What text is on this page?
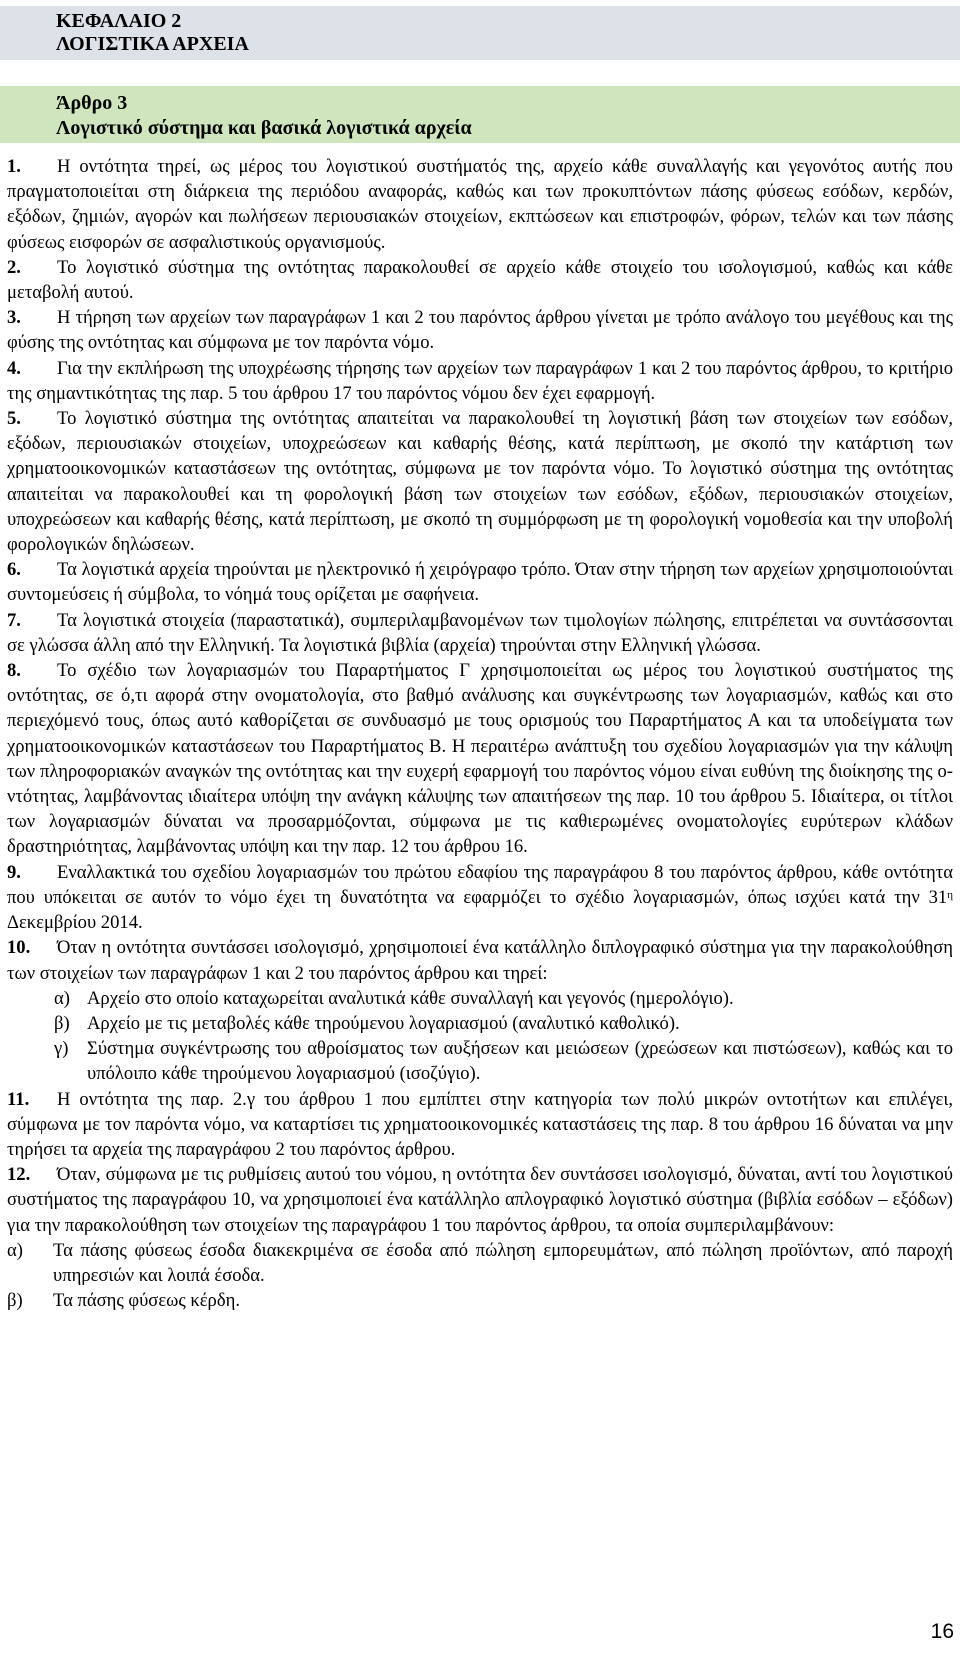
ΚΕΦΑΛΑΙΟ 2
ΛΟΓΙΣΤΙΚΑ ΑΡΧΕΙΑ
Άρθρο 3
Λογιστικό σύστημα και βασικά λογιστικά αρχεία

1. Η οντότητα τηρεί, ως μέρος του λογιστικού συστήματός της, αρχείο κάθε συναλλαγής και γεγονότος αυτής που πραγματοποιείται στη διάρκεια της περιόδου αναφοράς, καθώς και των προκυπτόντων πάσης φύσεως εσόδων, κερδών, εξόδων, ζημιών, αγορών και πωλήσεων περιουσιακών στοιχείων, εκπτώσεων και επιστροφών, φόρων, τελών και των πάσης φύσεως εισφορών σε ασφαλιστικούς οργανισμούς.

2. Το λογιστικό σύστημα της οντότητας παρακολουθεί σε αρχείο κάθε στοιχείο του ισολογισμού, καθώς και κάθε μεταβολή αυτού.

3. Η τήρηση των αρχείων των παραγράφων 1 και 2 του παρόντος άρθρου γίνεται με τρόπο ανάλογο του μεγέθους και της φύσης της οντότητας και σύμφωνα με τον παρόντα νόμο.

4. Για την εκπλήρωση της υποχρέωσης τήρησης των αρχείων των παραγράφων 1 και 2 του παρόντος άρθρου, το κριτήριο της σημαντικότητας της παρ. 5 του άρθρου 17 του παρόντος νόμου δεν έχει εφαρμογή.

5. Το λογιστικό σύστημα της οντότητας απαιτείται να παρακολουθεί τη λογιστική βάση των στοιχείων των εσόδων, εξόδων, περιουσιακών στοιχείων, υποχρεώσεων και καθαρής θέσης, κατά περίπτωση, με σκοπό την κατάρτιση των χρηματοοικονομικών καταστάσεων της οντότητας, σύμφωνα με τον παρόντα νόμο. Το λογιστικό σύστημα της οντότητας απαιτείται να παρακολουθεί και τη φορολογική βάση των στοιχείων των εσόδων, εξόδων, περιουσιακών στοιχείων, υποχρεώσεων και καθαρής θέσης, κατά περίπτωση, με σκοπό τη συμμόρφωση με τη φορολογική νομοθεσία και την υποβολή φορολογικών δηλώσεων.

6. Τα λογιστικά αρχεία τηρούνται με ηλεκτρονικό ή χειρόγραφο τρόπο. Όταν στην τήρηση των αρχείων χρησιμοποιούνται συντομεύσεις ή σύμβολα, το νόημά τους ορίζεται με σαφήνεια.

7. Τα λογιστικά στοιχεία (παραστατικά), συμπεριλαμβανομένων των τιμολογίων πώλησης, επιτρέπεται να συντάσσονται σε γλώσσα άλλη από την Ελληνική. Τα λογιστικά βιβλία (αρχεία) τηρούνται στην Ελληνική γλώσσα.

8. Το σχέδιο των λογαριασμών του Παραρτήματος Γ χρησιμοποιείται ως μέρος του λογιστικού συστήματος της οντότητας, σε ό,τι αφορά στην ονοματολογία, στο βαθμό ανάλυσης και συγκέντρωσης των λογαριασμών, καθώς και στο περιεχόμενό τους, όπως αυτό καθορίζεται σε συνδυασμό με τους ορισμούς του Παραρτήματος Α και τα υποδείγματα των χρηματοοικονομικών καταστάσεων του Παραρτήματος Β. Η περαιτέρω ανάπτυξη του σχεδίου λογαριασμών για την κάλυψη των πληροφοριακών αναγκών της οντότητας και την ευχερή εφαρμογή του παρόντος νόμου είναι ευθύνη της διοίκησης της οντότητας, λαμβάνοντας ιδιαίτερα υπόψη την ανάγκη κάλυψης των απαιτήσεων της παρ. 10 του άρθρου 5. Ιδιαίτερα, οι τίτλοι των λογαριασμών δύναται να προσαρμόζονται, σύμφωνα με τις καθιερωμένες ονοματολογίες ευρύτερων κλάδων δραστηριότητας, λαμβάνοντας υπόψη και την παρ. 12 του άρθρου 16.

9. Εναλλακτικά του σχεδίου λογαριασμών του πρώτου εδαφίου της παραγράφου 8 του παρόντος άρθρου, κάθε οντότητα που υπόκειται σε αυτόν το νόμο έχει τη δυνατότητα να εφαρμόζει το σχέδιο λογαριασμών, όπως ισχύει κατά την $31^\eta$ Δεκεμβρίου 2014.

10. Όταν η οντότητα συντάσσει ισολογισμό, χρησιμοποιεί ένα κατάλληλο διπλογραφικό σύστημα για την παρακολούθηση των στοιχείων των παραγράφων 1 και 2 του παρόντος άρθρου και τηρεί:

α) Αρχείο στο οποίο καταχωρείται αναλυτικά κάθε συναλλαγή και γεγονός (ημερολόγιο).

β) Αρχείο με τις μεταβολές κάθε τηρούμενου λογαριασμού (αναλυτικό καθολικό).

γ) Σύστημα συγκέντρωσης του αθροίσματος των αυξήσεων και μειώσεων (χρεώσεων και πιστώσεων), καθώς και το υπόλοιπο κάθε τηρούμενου λογαριασμού (ισοζύγιο).

11. Η οντότητα της παρ. 2.γ του άρθρου 1 που εμπίπτει στην κατηγορία των πολύ μικρών οντοτήτων και επιλέγει, σύμφωνα με τον παρόντα νόμο, να καταρτίσει τις χρηματοοικονομικές καταστάσεις της παρ. 8 του άρθρου 16 δύναται να μην τηρήσει τα αρχεία της παραγράφου 2 του παρόντος άρθρου.

12. Όταν, σύμφωνα με τις ρυθμίσεις αυτού του νόμου, η οντότητα δεν συντάσσει ισολογισμό, δύναται, αντί του λογιστικού συστήματος της παραγράφου 10, να χρησιμοποιεί ένα κατάλληλο απλογραφικό λογιστικό σύστημα (βιβλία εσόδων – εξόδων) για την παρακολούθηση των στοιχείων της παραγράφου 1 του παρόντος άρθρου, τα οποία συμπεριλαμβάνουν:

α) Τα πάσης φύσεως έσοδα διακεκριμένα σε έσοδα από πώληση εμπορευμάτων, από πώληση προϊόντων, από παροχή υπηρεσιών και λοιπά έσοδα.

β) Τα πάσης φύσεως κέρδη.

16
